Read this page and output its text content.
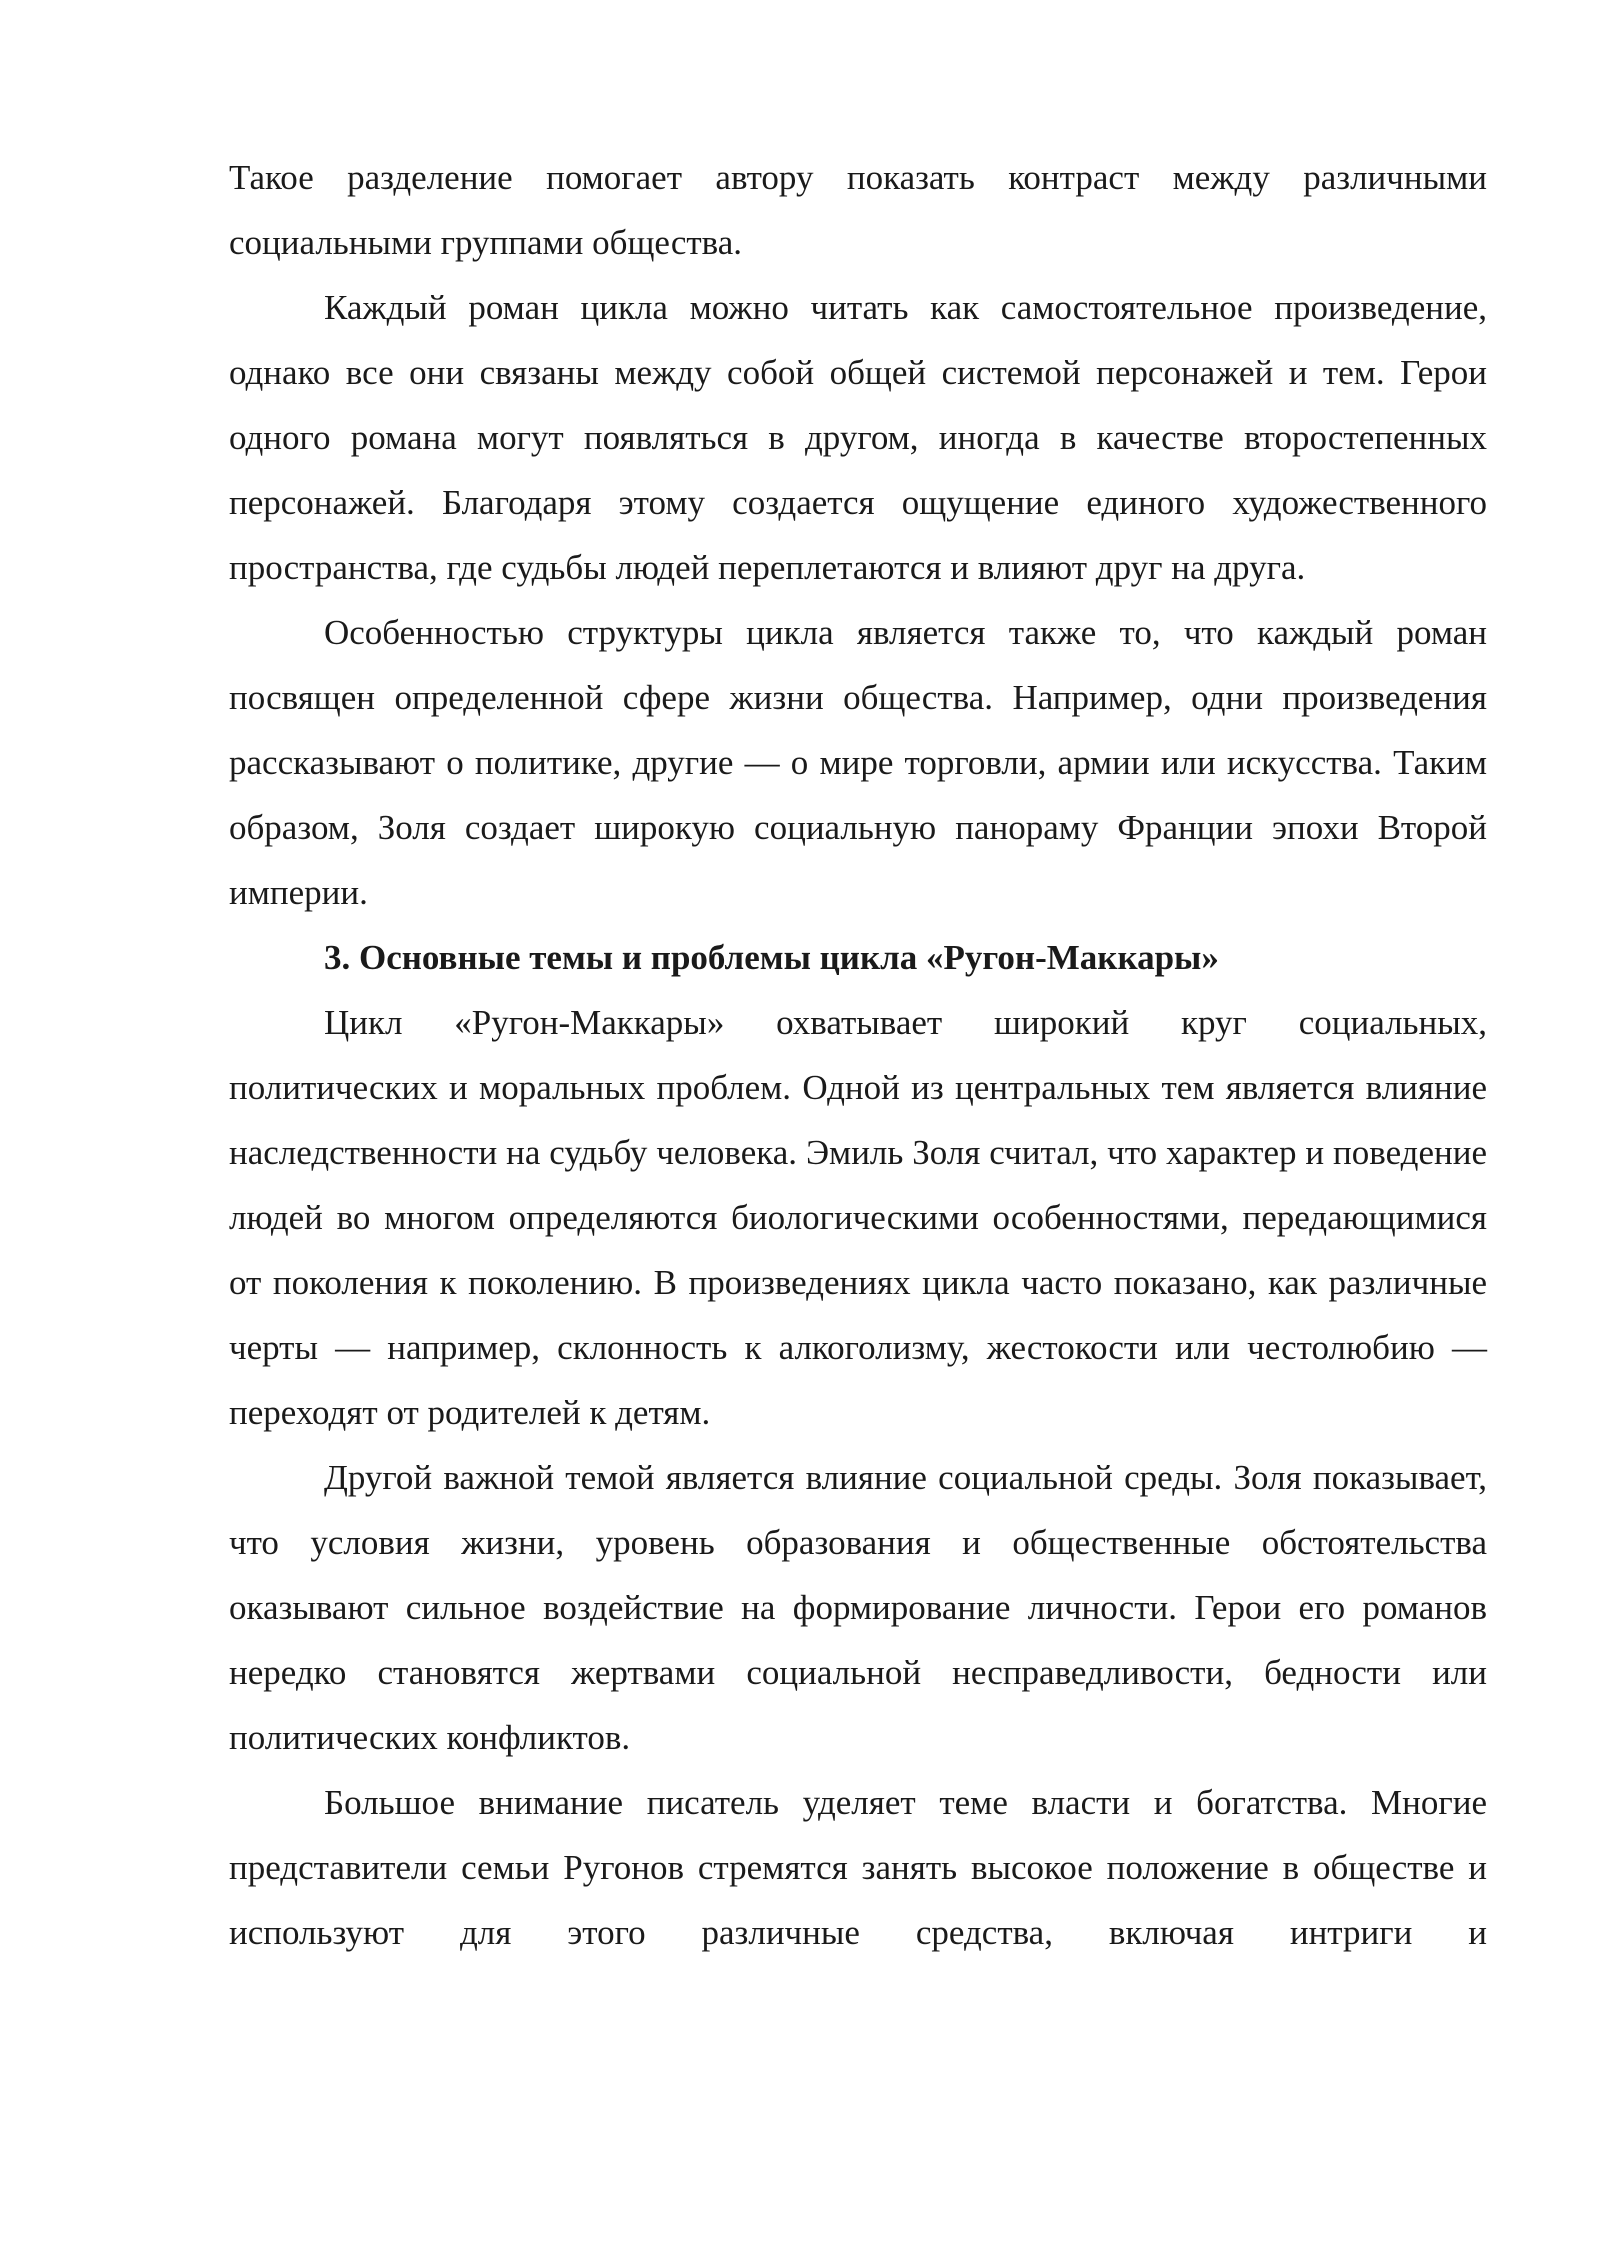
Такое разделение помогает автору показать контраст между различными социальными группами общества.

Каждый роман цикла можно читать как самостоятельное произведение, однако все они связаны между собой общей системой персонажей и тем. Герои одного романа могут появляться в другом, иногда в качестве второстепенных персонажей. Благодаря этому создается ощущение единого художественного пространства, где судьбы людей переплетаются и влияют друг на друга.

Особенностью структуры цикла является также то, что каждый роман посвящен определенной сфере жизни общества. Например, одни произведения рассказывают о политике, другие — о мире торговли, армии или искусства. Таким образом, Золя создает широкую социальную панораму Франции эпохи Второй империи.

3. Основные темы и проблемы цикла «Ругон-Маккары»

Цикл «Ругон-Маккары» охватывает широкий круг социальных, политических и моральных проблем. Одной из центральных тем является влияние наследственности на судьбу человека. Эмиль Золя считал, что характер и поведение людей во многом определяются биологическими особенностями, передающимися от поколения к поколению. В произведениях цикла часто показано, как различные черты — например, склонность к алкоголизму, жестокости или честолюбию — переходят от родителей к детям.

Другой важной темой является влияние социальной среды. Золя показывает, что условия жизни, уровень образования и общественные обстоятельства оказывают сильное воздействие на формирование личности. Герои его романов нередко становятся жертвами социальной несправедливости, бедности или политических конфликтов.

Большое внимание писатель уделяет теме власти и богатства. Многие представители семьи Ругонов стремятся занять высокое положение в обществе и используют для этого различные средства, включая интриги и
